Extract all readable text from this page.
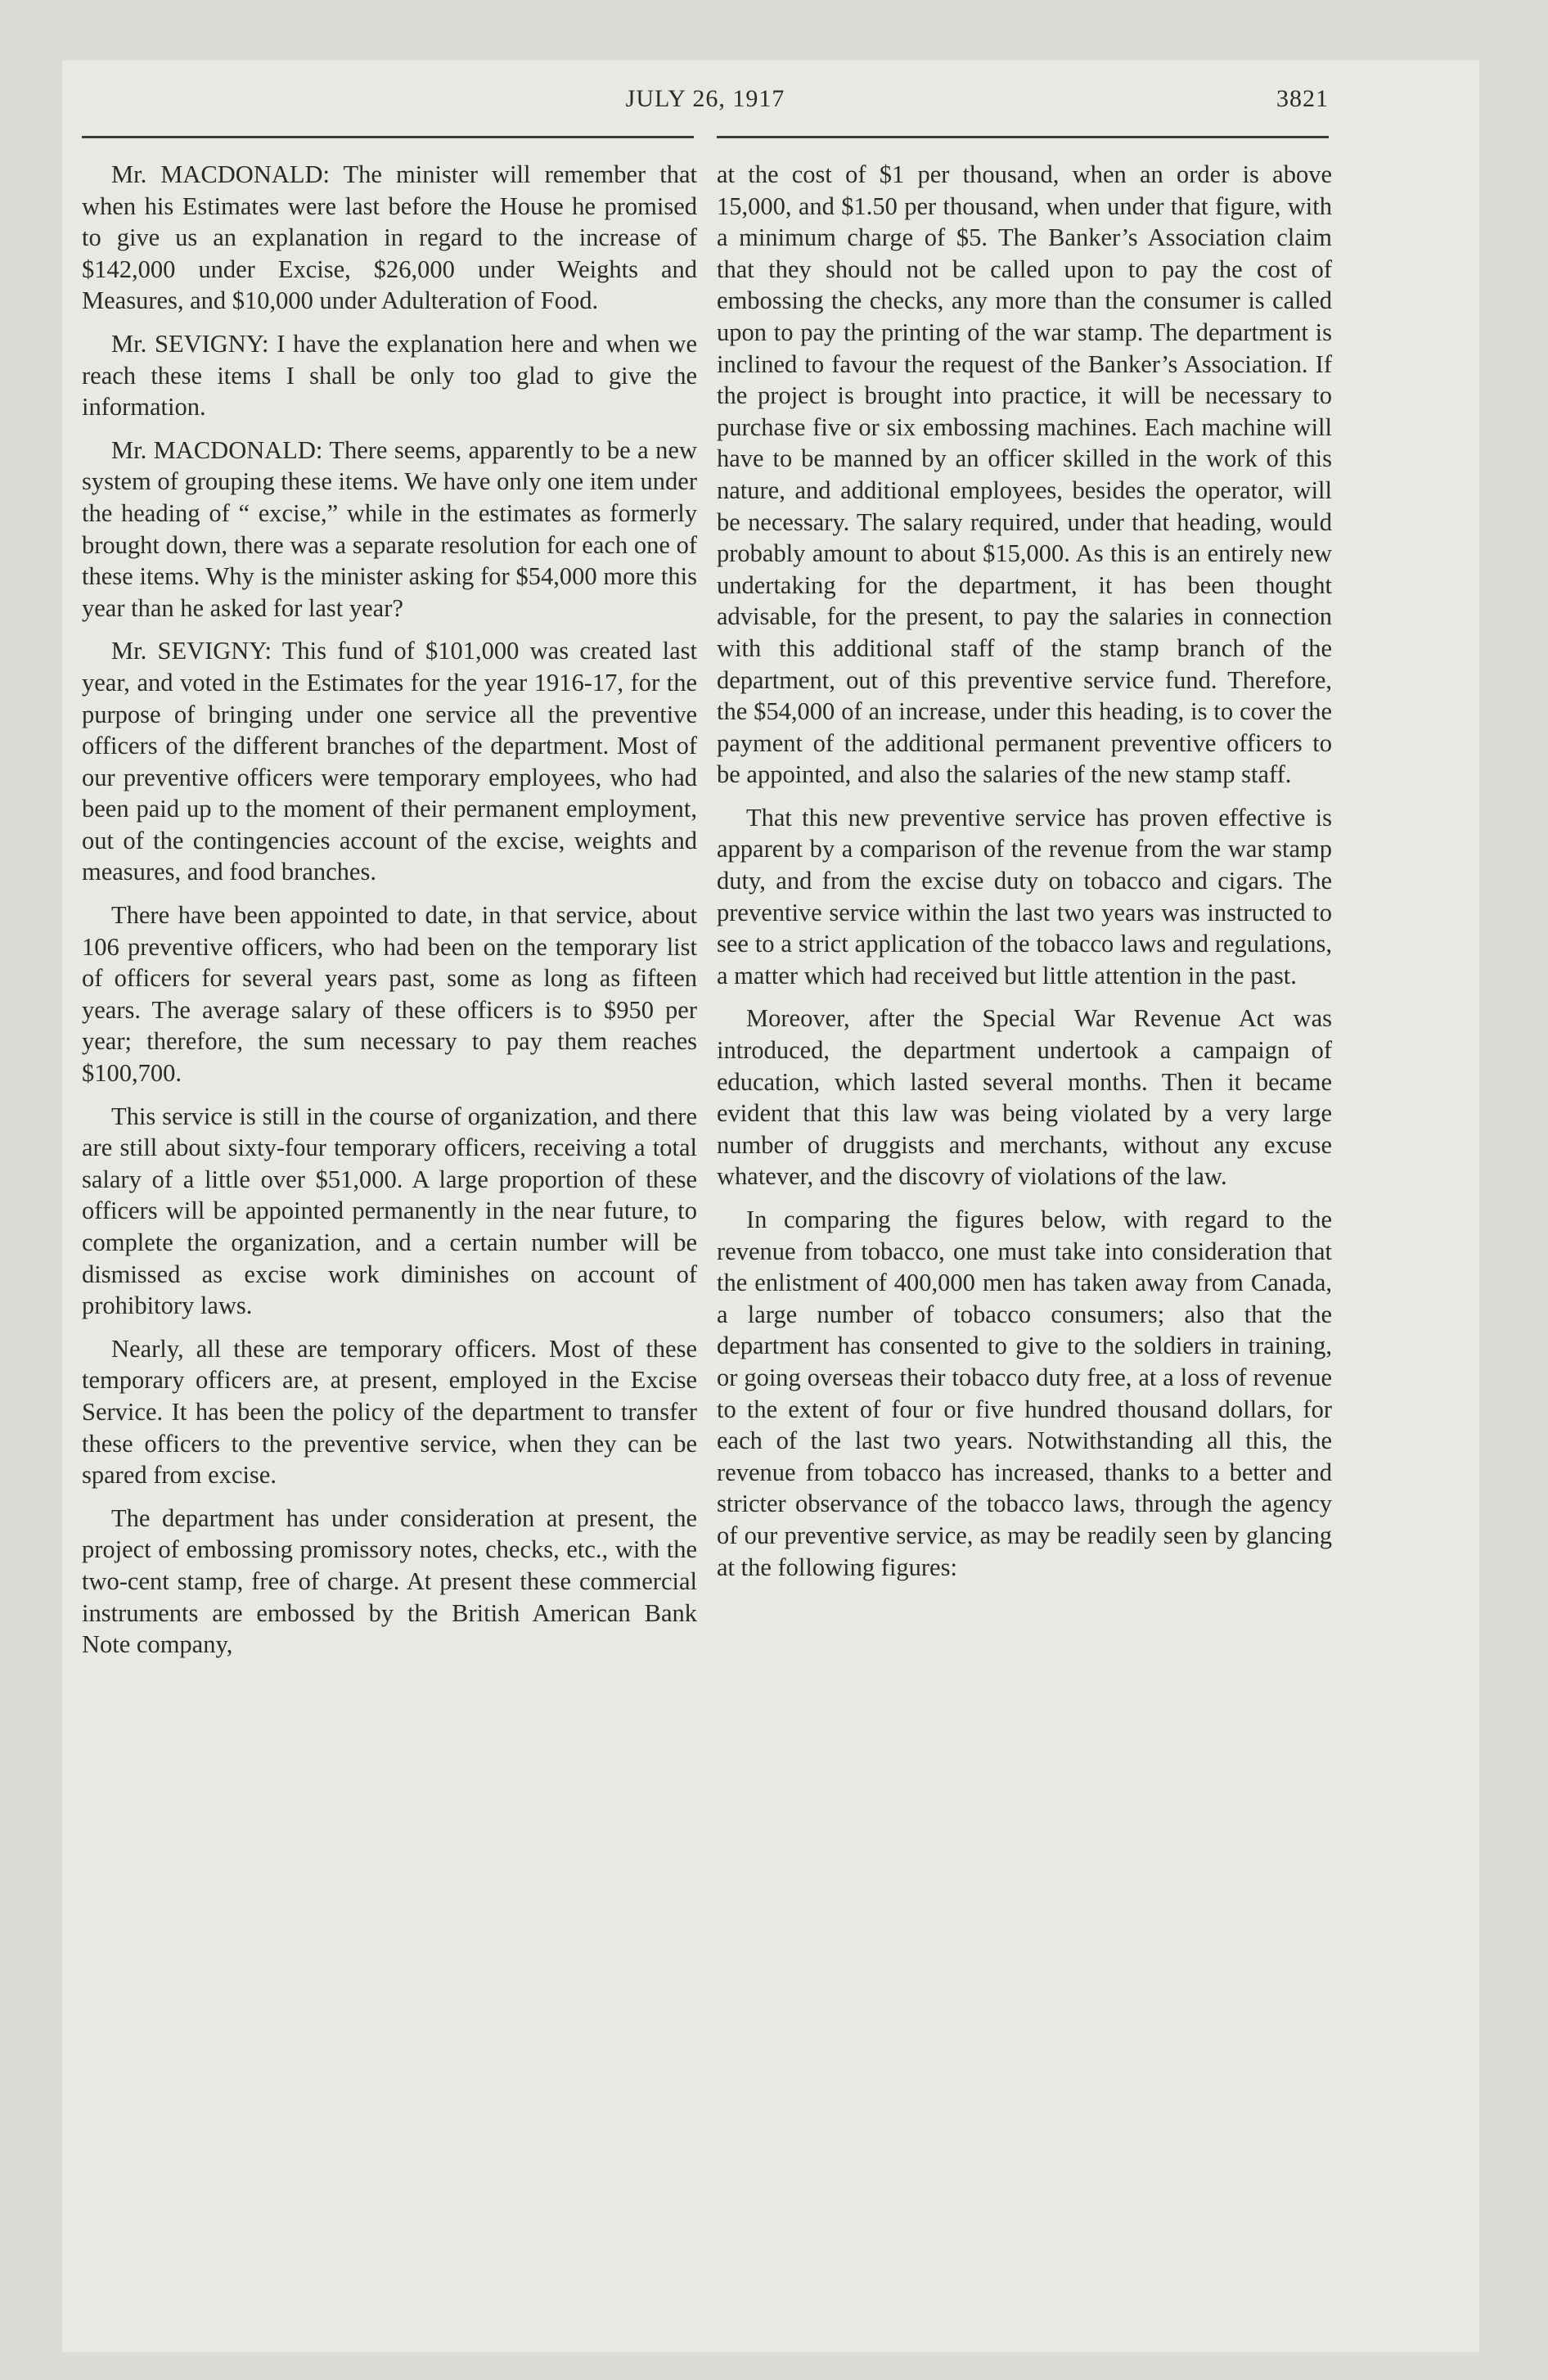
JULY 26, 1917	3821

Mr. MACDONALD: The minister will remember that when his Estimates were last before the House he promised to give us an explanation in regard to the increase of $142,000 under Excise, $26,000 under Weights and Measures, and $10,000 under Adulteration of Food.

Mr. SEVIGNY: I have the explanation here and when we reach these items I shall be only too glad to give the information.

Mr. MACDONALD: There seems, apparently to be a new system of grouping these items. We have only one item under the heading of “ excise,” while in the estimates as formerly brought down, there was a separate resolution for each one of these items. Why is the minister asking for $54,000 more this year than he asked for last year?

Mr. SEVIGNY: This fund of $101,000 was created last year, and voted in the Estimates for the year 1916-17, for the purpose of bringing under one service all the preventive officers of the different branches of the department. Most of our preventive officers were temporary employees, who had been paid up to the moment of their permanent employment, out of the contingencies account of the excise, weights and measures, and food branches.

There have been appointed to date, in that service, about 106 preventive officers, who had been on the temporary list of officers for several years past, some as long as fifteen years. The average salary of these officers is to $950 per year; therefore, the sum necessary to pay them reaches $100,700.

This service is still in the course of organization, and there are still about sixty-four temporary officers, receiving a total salary of a little over $51,000. A large proportion of these officers will be appointed permanently in the near future, to complete the organization, and a certain number will be dismissed as excise work diminishes on account of prohibitory laws.

Nearly, all these are temporary officers. Most of these temporary officers are, at present, employed in the Excise Service. It has been the policy of the department to transfer these officers to the preventive service, when they can be spared from excise.

The department has under consideration at present, the project of embossing promissory notes, checks, etc., with the two-cent stamp, free of charge. At present these commercial instruments are embossed by the British American Bank Note company,

at the cost of $1 per thousand, when an order is above 15,000, and $1.50 per thousand, when under that figure, with a minimum charge of $5. The Banker’s Association claim that they should not be called upon to pay the cost of embossing the checks, any more than the consumer is called upon to pay the printing of the war stamp. The department is inclined to favour the request of the Banker’s Association. If the project is brought into practice, it will be necessary to purchase five or six embossing machines. Each machine will have to be manned by an officer skilled in the work of this nature, and additional employees, besides the operator, will be necessary. The salary required, under that heading, would probably amount to about $15,000. As this is an entirely new undertaking for the department, it has been thought advisable, for the present, to pay the salaries in connection with this additional staff of the stamp branch of the department, out of this preventive service fund. Therefore, the $54,000 of an increase, under this heading, is to cover the payment of the additional permanent preventive officers to be appointed, and also the salaries of the new stamp staff.

That this new preventive service has proven effective is apparent by a comparison of the revenue from the war stamp duty, and from the excise duty on tobacco and cigars. The preventive service within the last two years was instructed to see to a strict application of the tobacco laws and regulations, a matter which had received but little attention in the past.

Moreover, after the Special War Revenue Act was introduced, the department undertook a campaign of education, which lasted several months. Then it became evident that this law was being violated by a very large number of druggists and merchants, without any excuse whatever, and the discovry of violations of the law.

In comparing the figures below, with regard to the revenue from tobacco, one must take into consideration that the enlistment of 400,000 men has taken away from Canada, a large number of tobacco consumers; also that the department has consented to give to the soldiers in training, or going overseas their tobacco duty free, at a loss of revenue to the extent of four or five hundred thousand dollars, for each of the last two years. Notwithstanding all this, the revenue from tobacco has increased, thanks to a better and stricter observance of the tobacco laws, through the agency of our preventive service, as may be readily seen by glancing at the following figures:
